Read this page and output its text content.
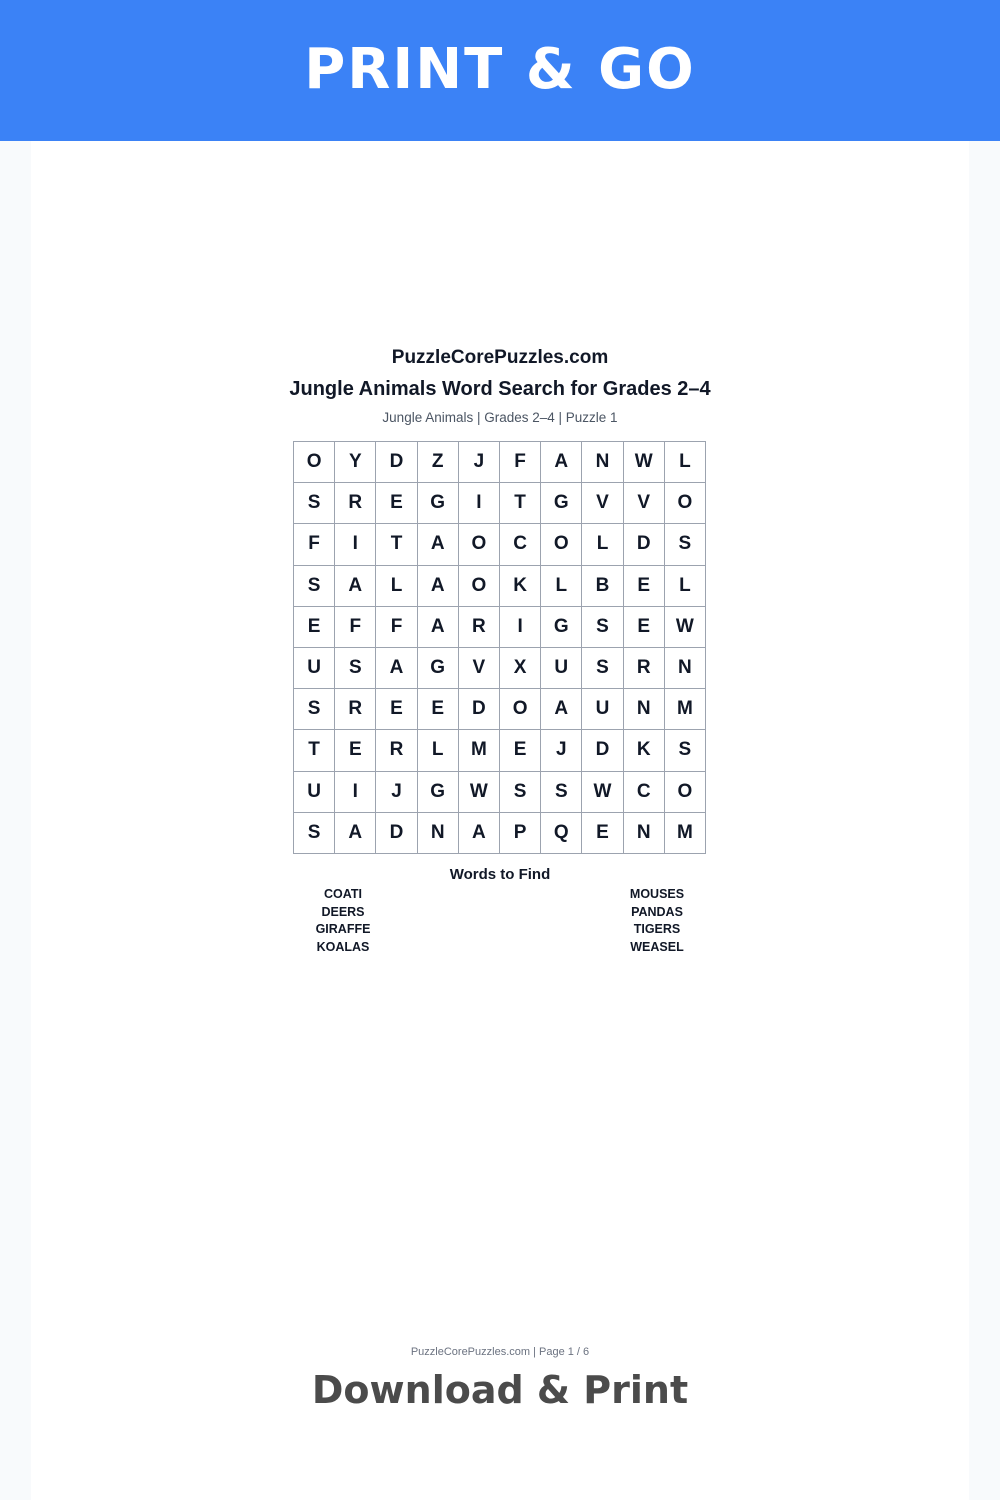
PRINT & GO
PuzzleCorePuzzles.com
Jungle Animals Word Search for Grades 2–4
Jungle Animals | Grades 2–4 | Puzzle 1
O	Y	D	Z	J	F	A	N	W	L
S	R	E	G	I	T	G	V	V	O
F	I	T	A	O	C	O	L	D	S
S	A	L	A	O	K	L	B	E	L
E	F	F	A	R	I	G	S	E	W
U	S	A	G	V	X	U	S	R	N
S	R	E	E	D	O	A	U	N	M
T	E	R	L	M	E	J	D	K	S
U	I	J	G	W	S	S	W	C	O
S	A	D	N	A	P	Q	E	N	M
Words to Find
COATI
DEERS
GIRAFFE
KOALAS
MOUSES
PANDAS
TIGERS
WEASEL
PuzzleCorePuzzles.com | Page 1 / 6
Download & Print
